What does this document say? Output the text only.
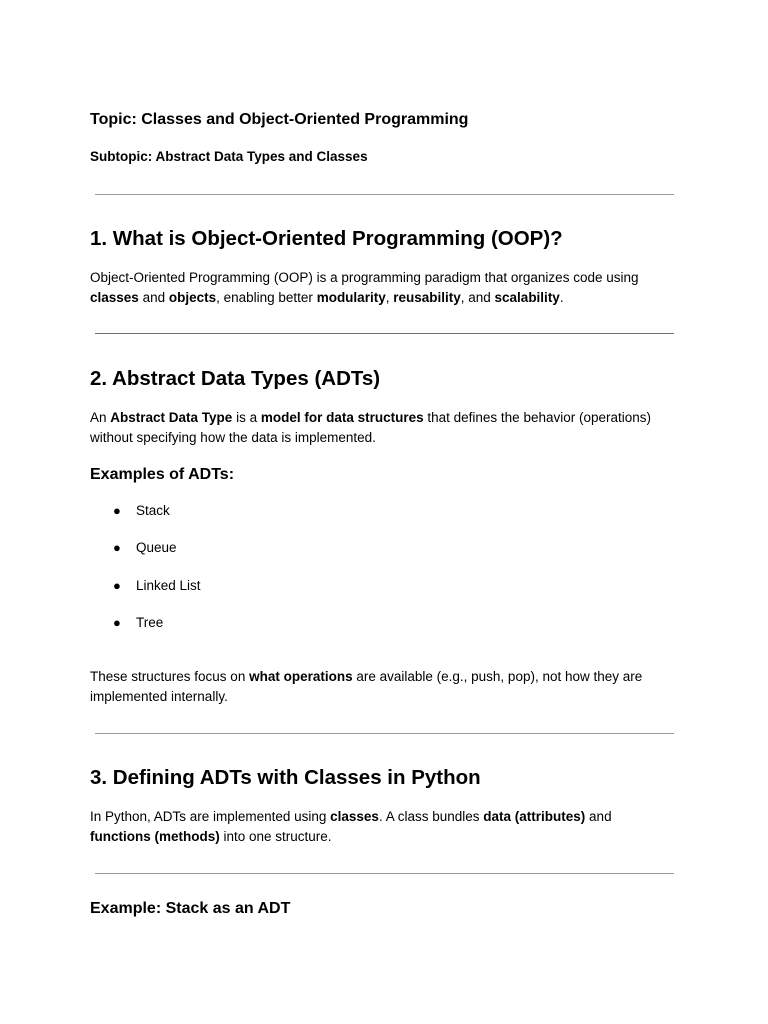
Topic: Classes and Object-Oriented Programming
Subtopic: Abstract Data Types and Classes
1. What is Object-Oriented Programming (OOP)?

Object-Oriented Programming (OOP) is a programming paradigm that organizes code using
classes and objects, enabling better modularity, reusability, and scalability.

2. Abstract Data Types (ADTs)

An Abstract Data Type is a model for data structures that defines the behavior (operations) without specifying how the data is implemented.

Examples of ADTs:
● Stack
● Queue
● Linked List
● Tree

These structures focus on what operations are available (e.g., push, pop), not how they are implemented internally.

3. Defining ADTs with Classes in Python

In Python, ADTs are implemented using classes. A class bundles data (attributes) and
functions (methods) into one structure.

Example: Stack as an ADT
